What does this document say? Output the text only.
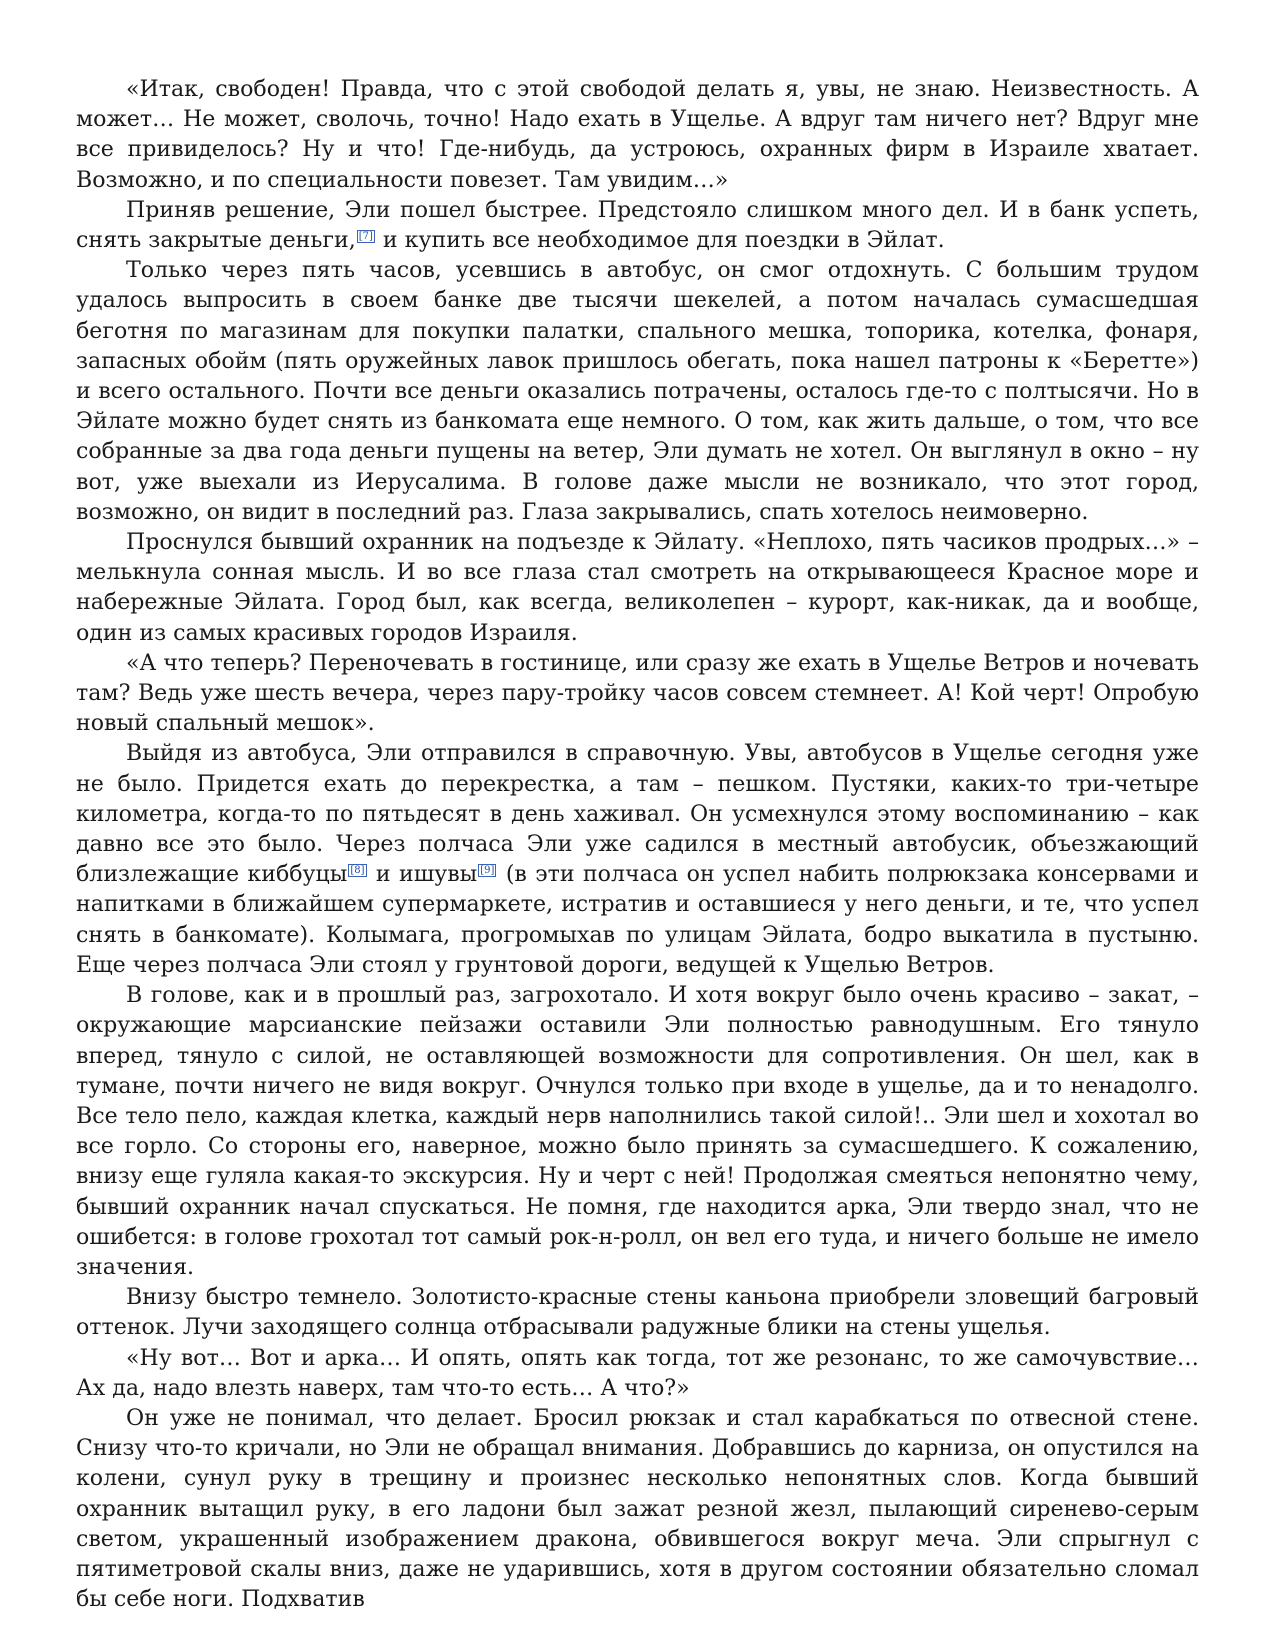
«Итак, свободен! Правда, что с этой свободой делать я, увы, не знаю. Неизвестность. А может… Не может, сволочь, точно! Надо ехать в Ущелье. А вдруг там ничего нет? Вдруг мне все привиделось? Ну и что! Где-нибудь, да устроюсь, охранных фирм в Израиле хватает. Возможно, и по специальности повезет. Там увидим…»

Приняв решение, Эли пошел быстрее. Предстояло слишком много дел. И в банк успеть, снять закрытые деньги, [7] и купить все необходимое для поездки в Эйлат.

Только через пять часов, усевшись в автобус, он смог отдохнуть. С большим трудом удалось выпросить в своем банке две тысячи шекелей, а потом началась сумасшедшая беготня по магазинам для покупки палатки, спального мешка, топорика, котелка, фонаря, запасных обойм (пять оружейных лавок пришлось обегать, пока нашел патроны к «Беретте») и всего остального. Почти все деньги оказались потрачены, осталось где-то с полтысячи. Но в Эйлате можно будет снять из банкомата еще немного. О том, как жить дальше, о том, что все собранные за два года деньги пущены на ветер, Эли думать не хотел. Он выглянул в окно – ну вот, уже выехали из Иерусалима. В голове даже мысли не возникало, что этот город, возможно, он видит в последний раз. Глаза закрывались, спать хотелось неимоверно.

Проснулся бывший охранник на подъезде к Эйлату. «Неплохо, пять часиков продрых…» – мелькнула сонная мысль. И во все глаза стал смотреть на открывающееся Красное море и набережные Эйлата. Город был, как всегда, великолепен – курорт, как-никак, да и вообще, один из самых красивых городов Израиля.

«А что теперь? Переночевать в гостинице, или сразу же ехать в Ущелье Ветров и ночевать там? Ведь уже шесть вечера, через пару-тройку часов совсем стемнеет. А! Кой черт! Опробую новый спальный мешок».

Выйдя из автобуса, Эли отправился в справочную. Увы, автобусов в Ущелье сегодня уже не было. Придется ехать до перекрестка, а там – пешком. Пустяки, каких-то три-четыре километра, когда-то по пятьдесят в день хаживал. Он усмехнулся этому воспоминанию – как давно все это было. Через полчаса Эли уже садился в местный автобусик, объезжающий близлежащие киббуцы [8] и ишувы [9] (в эти полчаса он успел набить полрюкзака консервами и напитками в ближайшем супермаркете, истратив и оставшиеся у него деньги, и те, что успел снять в банкомате). Колымага, прогромыхав по улицам Эйлата, бодро выкатила в пустыню. Еще через полчаса Эли стоял у грунтовой дороги, ведущей к Ущелью Ветров.

В голове, как и в прошлый раз, загрохотало. И хотя вокруг было очень красиво – закат, – окружающие марсианские пейзажи оставили Эли полностью равнодушным. Его тянуло вперед, тянуло с силой, не оставляющей возможности для сопротивления. Он шел, как в тумане, почти ничего не видя вокруг. Очнулся только при входе в ущелье, да и то ненадолго. Все тело пело, каждая клетка, каждый нерв наполнились такой силой!.. Эли шел и хохотал во все горло. Со стороны его, наверное, можно было принять за сумасшедшего. К сожалению, внизу еще гуляла какая-то экскурсия. Ну и черт с ней! Продолжая смеяться непонятно чему, бывший охранник начал спускаться. Не помня, где находится арка, Эли твердо знал, что не ошибется: в голове грохотал тот самый рок-н-ролл, он вел его туда, и ничего больше не имело значения.

Внизу быстро темнело. Золотисто-красные стены каньона приобрели зловещий багровый оттенок. Лучи заходящего солнца отбрасывали радужные блики на стены ущелья.

«Ну вот… Вот и арка… И опять, опять как тогда, тот же резонанс, то же самочувствие… Ах да, надо влезть наверх, там что-то есть… А что?»

Он уже не понимал, что делает. Бросил рюкзак и стал карабкаться по отвесной стене. Снизу что-то кричали, но Эли не обращал внимания. Добравшись до карниза, он опустился на колени, сунул руку в трещину и произнес несколько непонятных слов. Когда бывший охранник вытащил руку, в его ладони был зажат резной жезл, пылающий сиренево-серым светом, украшенный изображением дракона, обвившегося вокруг меча. Эли спрыгнул с пятиметровой скалы вниз, даже не ударившись, хотя в другом состоянии обязательно сломал бы себе ноги. Подхватив
